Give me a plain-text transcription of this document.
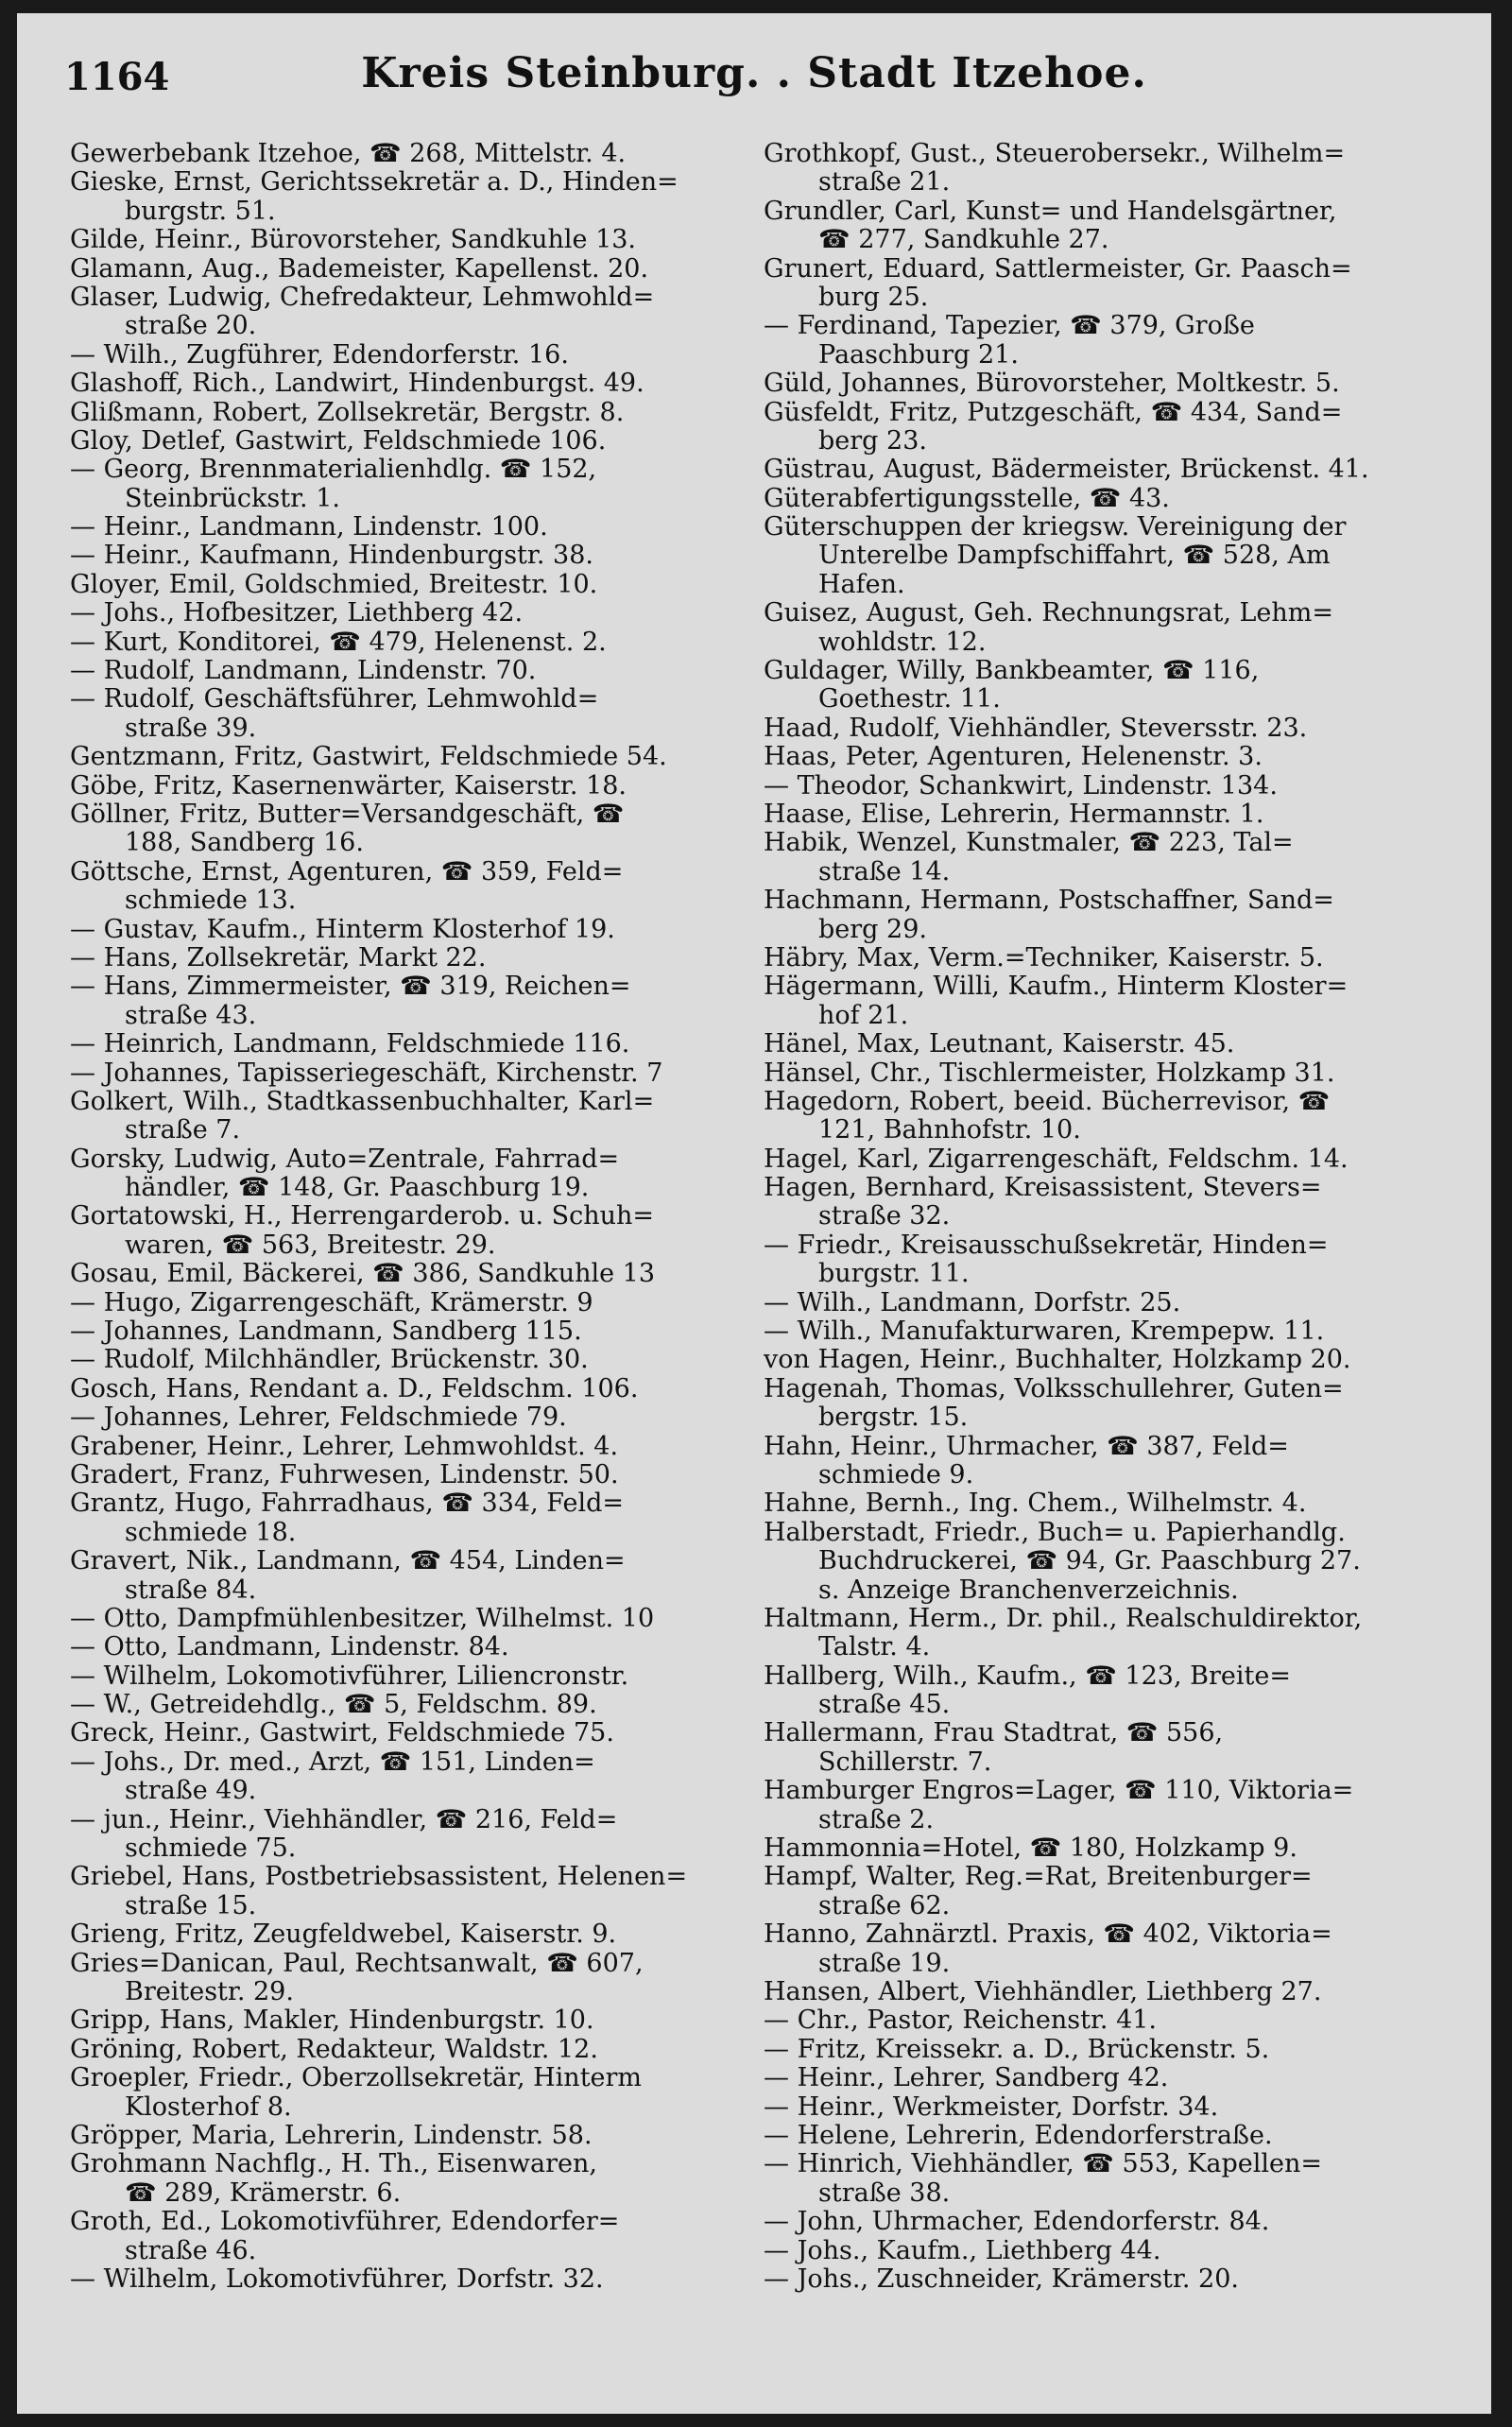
1164	Kreis Steinburg. . Stadt Itzehoe.
Gewerbebank Itzehoe, ☎ 268, Mittelstr. 4.
Gieske, Ernst, Gerichtssekretär a. D., Hinden=
burgstr. 51.
Gilde, Heinr., Bürovorsteher, Sandkuhle 13.
Glamann, Aug., Bademeister, Kapellenst. 20.
Glaser, Ludwig, Chefredakteur, Lehmwohld=
straße 20.
— Wilh., Zugführer, Edendorferstr. 16.
Glashoff, Rich., Landwirt, Hindenburgst. 49.
Glißmann, Robert, Zollsekretär, Bergstr. 8.
Gloy, Detlef, Gastwirt, Feldschmiede 106.
— Georg, Brennmaterialienhdlg. ☎ 152,
Steinbrückstr. 1.
— Heinr., Landmann, Lindenstr. 100.
— Heinr., Kaufmann, Hindenburgstr. 38.
Gloyer, Emil, Goldschmied, Breitestr. 10.
— Johs., Hofbesitzer, Liethberg 42.
— Kurt, Konditorei, ☎ 479, Helenenst. 2.
— Rudolf, Landmann, Lindenstr. 70.
— Rudolf, Geschäftsführer, Lehmwohld=
straße 39.
Gentzmann, Fritz, Gastwirt, Feldschmiede 54.
Göbe, Fritz, Kasernenwärter, Kaiserstr. 18.
Göllner, Fritz, Butter=Versandgeschäft, ☎
188, Sandberg 16.
Göttsche, Ernst, Agenturen, ☎ 359, Feld=
schmiede 13.
— Gustav, Kaufm., Hinterm Klosterhof 19.
— Hans, Zollsekretär, Markt 22.
— Hans, Zimmermeister, ☎ 319, Reichen=
straße 43.
— Heinrich, Landmann, Feldschmiede 116.
— Johannes, Tapisseriegeschäft, Kirchenstr. 7
Golkert, Wilh., Stadtkassenbuchhalter, Karl=
straße 7.
Gorsky, Ludwig, Auto=Zentrale, Fahrrad=
händler, ☎ 148, Gr. Paaschburg 19.
Gortatowski, H., Herrengarderob. u. Schuh=
waren, ☎ 563, Breitestr. 29.
Gosau, Emil, Bäckerei, ☎ 386, Sandkuhle 13
— Hugo, Zigarrengeschäft, Krämerstr. 9
— Johannes, Landmann, Sandberg 115.
— Rudolf, Milchhändler, Brückenstr. 30.
Gosch, Hans, Rendant a. D., Feldschm. 106.
— Johannes, Lehrer, Feldschmiede 79.
Grabener, Heinr., Lehrer, Lehmwohldst. 4.
Gradert, Franz, Fuhrwesen, Lindenstr. 50.
Grantz, Hugo, Fahrradhaus, ☎ 334, Feld=
schmiede 18.
Gravert, Nik., Landmann, ☎ 454, Linden=
straße 84.
— Otto, Dampfmühlenbesitzer, Wilhelmst. 10
— Otto, Landmann, Lindenstr. 84.
— Wilhelm, Lokomotivführer, Liliencronstr.
— W., Getreidehdlg., ☎ 5, Feldschm. 89.
Greck, Heinr., Gastwirt, Feldschmiede 75.
— Johs., Dr. med., Arzt, ☎ 151, Linden=
straße 49.
— jun., Heinr., Viehhändler, ☎ 216, Feld=
schmiede 75.
Griebel, Hans, Postbetriebsassistent, Helenen=
straße 15.
Grieng, Fritz, Zeugfeldwebel, Kaiserstr. 9.
Gries=Danican, Paul, Rechtsanwalt, ☎ 607,
Breitestr. 29.
Gripp, Hans, Makler, Hindenburgstr. 10.
Gröning, Robert, Redakteur, Waldstr. 12.
Groepler, Friedr., Oberzollsekretär, Hinterm
Klosterhof 8.
Gröpper, Maria, Lehrerin, Lindenstr. 58.
Grohmann Nachflg., H. Th., Eisenwaren,
☎ 289, Krämerstr. 6.
Groth, Ed., Lokomotivführer, Edendorfer=
straße 46.
— Wilhelm, Lokomotivführer, Dorfstr. 32.
Grothkopf, Gust., Steuerobersekr., Wilhelm=
straße 21.
Grundler, Carl, Kunst= und Handelsgärtner,
☎ 277, Sandkuhle 27.
Grunert, Eduard, Sattlermeister, Gr. Paasch=
burg 25.
— Ferdinand, Tapezier, ☎ 379, Große
Paaschburg 21.
Güld, Johannes, Bürovorsteher, Moltkestr. 5.
Güsfeldt, Fritz, Putzgeschäft, ☎ 434, Sand=
berg 23.
Güstrau, August, Bädermeister, Brückenst. 41.
Güterabfertigungsstelle, ☎ 43.
Güterschuppen der kriegsw. Vereinigung der
Unterelbe Dampfschiffahrt, ☎ 528, Am
Hafen.
Guisez, August, Geh. Rechnungsrat, Lehm=
wohldstr. 12.
Guldager, Willy, Bankbeamter, ☎ 116,
Goethestr. 11.
Haad, Rudolf, Viehhändler, Steversstr. 23.
Haas, Peter, Agenturen, Helenenstr. 3.
— Theodor, Schankwirt, Lindenstr. 134.
Haase, Elise, Lehrerin, Hermannstr. 1.
Habik, Wenzel, Kunstmaler, ☎ 223, Tal=
straße 14.
Hachmann, Hermann, Postschaffner, Sand=
berg 29.
Häbry, Max, Verm.=Techniker, Kaiserstr. 5.
Hägermann, Willi, Kaufm., Hinterm Kloster=
hof 21.
Hänel, Max, Leutnant, Kaiserstr. 45.
Hänsel, Chr., Tischlermeister, Holzkamp 31.
Hagedorn, Robert, beeid. Bücherrevisor, ☎
121, Bahnhofstr. 10.
Hagel, Karl, Zigarrengeschäft, Feldschm. 14.
Hagen, Bernhard, Kreisassistent, Stevers=
straße 32.
— Friedr., Kreisausschußsekretär, Hinden=
burgstr. 11.
— Wilh., Landmann, Dorfstr. 25.
— Wilh., Manufakturwaren, Krempерw. 11.
von Hagen, Heinr., Buchhalter, Holzkamp 20.
Hagenah, Thomas, Volksschullehrer, Guten=
bergstr. 15.
Hahn, Heinr., Uhrmacher, ☎ 387, Feld=
schmiede 9.
Hahne, Bernh., Ing. Chem., Wilhelmstr. 4.
Halberstadt, Friedr., Buch= u. Papierhandlg.
Buchdruckerei, ☎ 94, Gr. Paaschburg 27.
s. Anzeige Branchenverzeichnis.
Haltmann, Herm., Dr. phil., Realschuldirektor,
Talstr. 4.
Hallberg, Wilh., Kaufm., ☎ 123, Breite=
straße 45.
Hallermann, Frau Stadtrat, ☎ 556,
Schillerstr. 7.
Hamburger Engros=Lager, ☎ 110, Viktoria=
straße 2.
Hammonnia=Hotel, ☎ 180, Holzkamp 9.
Hampf, Walter, Reg.=Rat, Breitenburger=
straße 62.
Hanno, Zahnärztl. Praxis, ☎ 402, Viktoria=
straße 19.
Hansen, Albert, Viehhändler, Liethberg 27.
— Chr., Pastor, Reichenstr. 41.
— Fritz, Kreissekr. a. D., Brückenstr. 5.
— Heinr., Lehrer, Sandberg 42.
— Heinr., Werkmeister, Dorfstr. 34.
— Helene, Lehrerin, Edendorferstraße.
— Hinrich, Viehhändler, ☎ 553, Kapellen=
straße 38.
— John, Uhrmacher, Edendorferstr. 84.
— Johs., Kaufm., Liethberg 44.
— Johs., Zuschneider, Krämerstr. 20.
